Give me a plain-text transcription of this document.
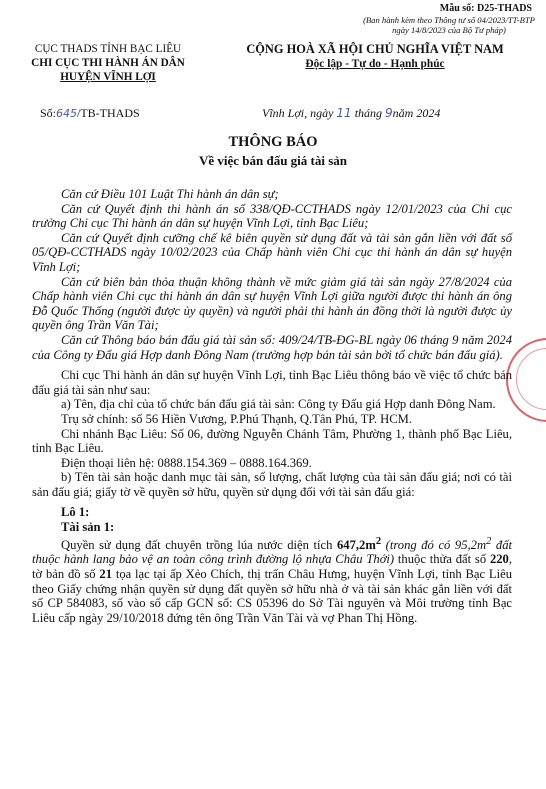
Mẫu số: D25-THADS
(Ban hành kèm theo Thông tư số 04/2023/TT-BTP ngày 14/8/2023 của Bộ Tư pháp)
CỤC THADS TỈNH BẠC LIÊU
CHI CỤC THI HÀNH ÁN DÂN
HUYỆN VĨNH LỢI
CỘNG HOÀ XÃ HỘI CHỦ NGHĨA VIỆT NAM
Độc lập - Tự do - Hạnh phúc
Số:645/TB-THADS	Vĩnh Lợi, ngày 11 tháng 9năm 2024
THÔNG BÁO
Về việc bán đấu giá tài sản

Căn cứ Điều 101 Luật Thi hành án dân sự;

Căn cứ Quyết định thi hành án số 338/QĐ-CCTHADS ngày 12/01/2023 của Chi cục trưởng Chi cục Thi hành án dân sự huyện Vĩnh Lợi, tỉnh Bạc Liêu;

Căn cứ Quyết định cưỡng chế kê biên quyền sử dụng đất và tài sản gắn liền với đất số 05/QĐ-CCTHADS ngày 10/02/2023 của Chấp hành viên Chi cục thi hành án dân sự huyện Vĩnh Lợi;

Căn cứ biên bản thỏa thuận không thành về mức giảm giá tài sản ngày 27/8/2024 của Chấp hành viên Chi cục thi hành án dân sự huyện Vĩnh Lợi giữa người được thi hành án ông Đỗ Quốc Thống (người được ủy quyền) và người phải thi hành án đồng thời là người được ủy quyền ông Trần Văn Tài;

Căn cứ Thông báo bán đấu giá tài sản số: 409/24/TB-ĐG-BL ngày 06 tháng 9 năm 2024 của Công ty Đấu giá Hợp danh Đông Nam (trường hợp bán tài sản bởi tổ chức bán đấu giá).

Chi cục Thi hành án dân sự huyện Vĩnh Lợi, tỉnh Bạc Liêu thông báo về việc tổ chức bán đấu giá tài sản như sau:

a) Tên, địa chỉ của tổ chức bán đấu giá tài sản: Công ty Đấu giá Hợp danh Đông Nam.

Trụ sở chính: số 56 Hiền Vương, P.Phú Thạnh, Q.Tân Phú, TP. HCM.

Chi nhánh Bạc Liêu: Số 06, đường Nguyễn Chánh Tâm, Phường 1, thành phố Bạc Liêu, tỉnh Bạc Liêu.

Điện thoại liên hệ: 0888.154.369 – 0888.164.369.

b) Tên tài sản hoặc danh mục tài sản, số lượng, chất lượng của tài sản đấu giá; nơi có tài sản đấu giá; giấy tờ về quyền sở hữu, quyền sử dụng đối với tài sản đấu giá:

Lô 1:

Tài sản 1:

Quyền sử dụng đất chuyên trồng lúa nước diện tích $647,2m^2$ (trong đó có $95,2m^2$ đất thuộc hành lang bảo vệ an toàn công trình đường lộ nhựa Châu Thới) thuộc thửa đất số 220, tờ bản đồ số 21 tọa lạc tại ấp Xẻo Chích, thị trấn Châu Hưng, huyện Vĩnh Lợi, tỉnh Bạc Liêu theo Giấy chứng nhận quyền sử dụng đất quyền sở hữu nhà ở và tài sản khác gắn liền với đất số CP 584083, số vào sổ cấp GCN số: CS 05396 do Sở Tài nguyên và Môi trường tỉnh Bạc Liêu cấp ngày 29/10/2018 đứng tên ông Trần Văn Tài và vợ Phan Thị Hồng.
